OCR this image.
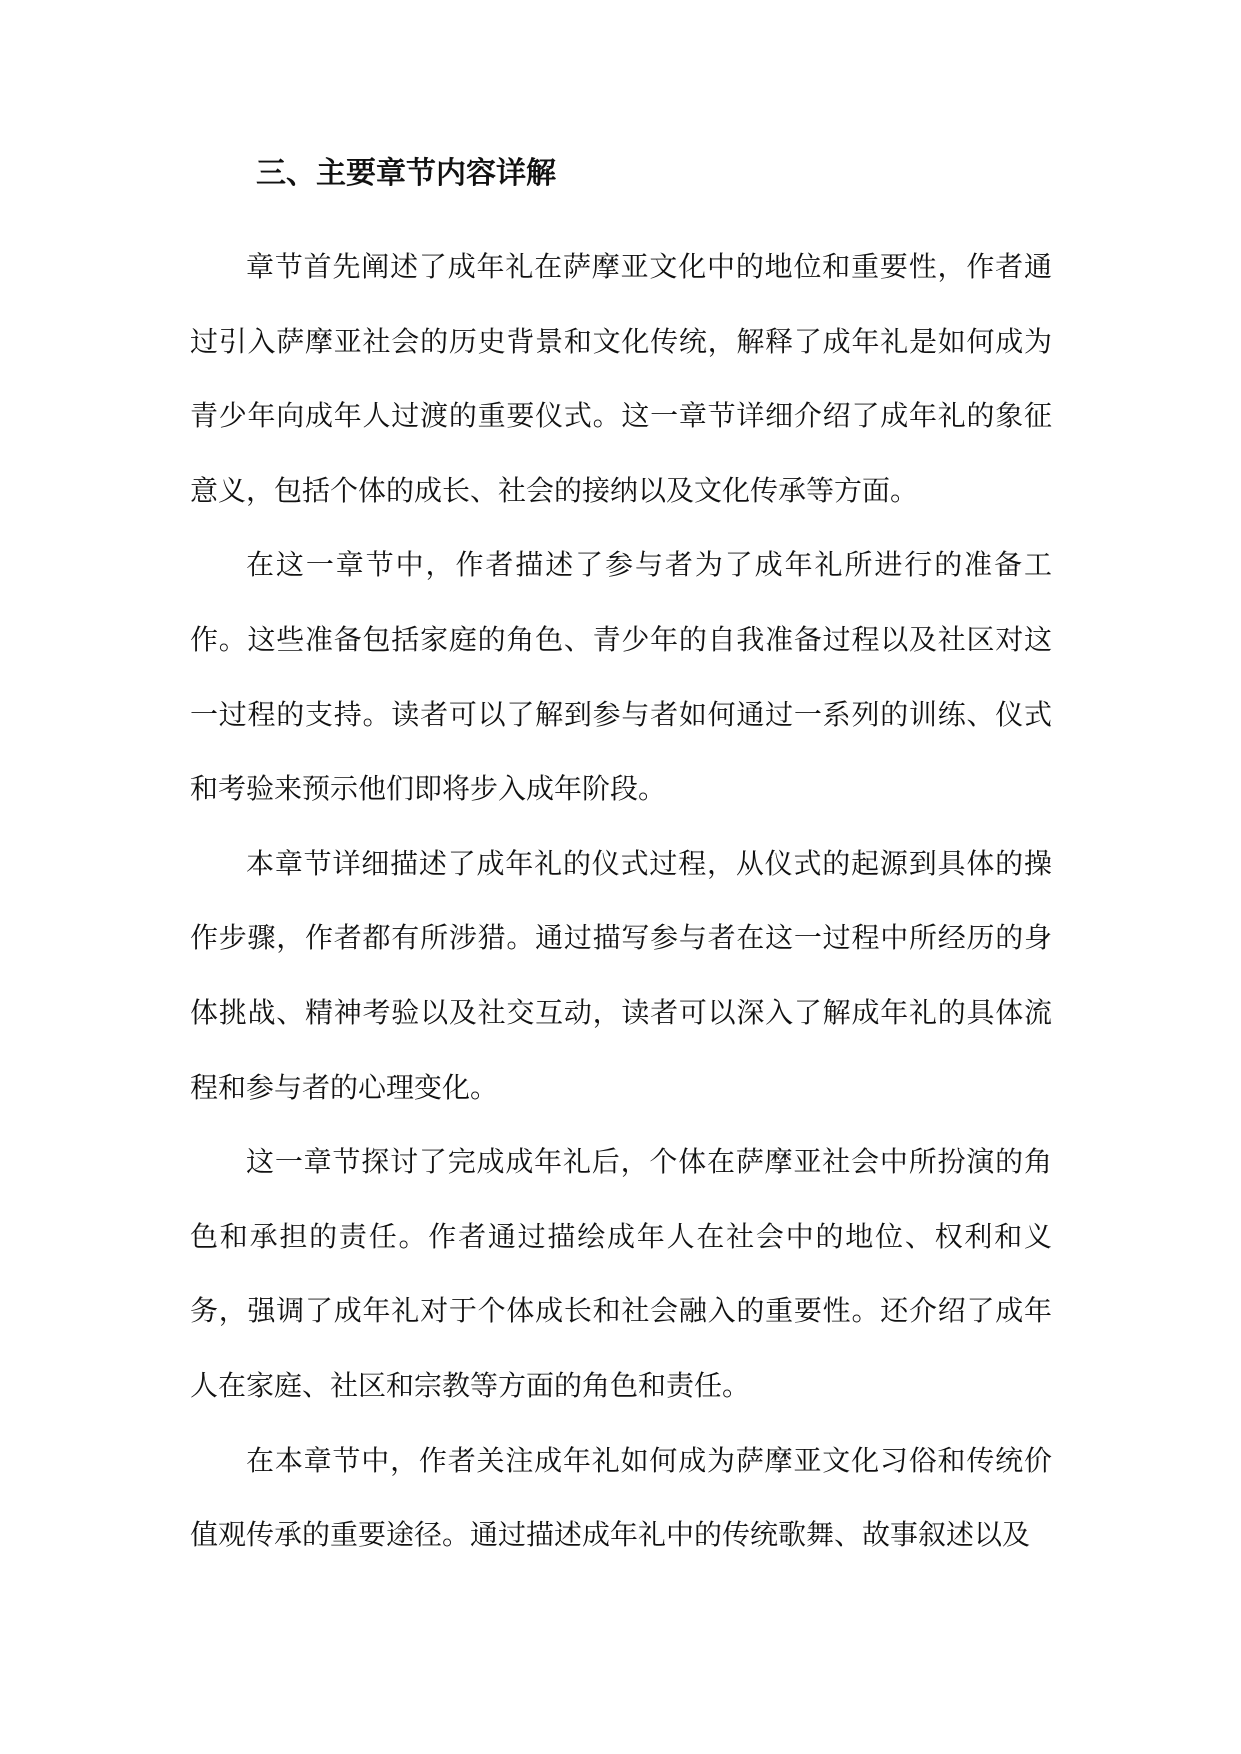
三、主要章节内容详解

章节首先阐述了成年礼在萨摩亚文化中的地位和重要性，作者通过引入萨摩亚社会的历史背景和文化传统，解释了成年礼是如何成为青少年向成年人过渡的重要仪式。这一章节详细介绍了成年礼的象征意义，包括个体的成长、社会的接纳以及文化传承等方面。

在这一章节中，作者描述了参与者为了成年礼所进行的准备工作。这些准备包括家庭的角色、青少年的自我准备过程以及社区对这一过程的支持。读者可以了解到参与者如何通过一系列的训练、仪式和考验来预示他们即将步入成年阶段。

本章节详细描述了成年礼的仪式过程，从仪式的起源到具体的操作步骤，作者都有所涉猎。通过描写参与者在这一过程中所经历的身体挑战、精神考验以及社交互动，读者可以深入了解成年礼的具体流程和参与者的心理变化。

这一章节探讨了完成成年礼后，个体在萨摩亚社会中所扮演的角色和承担的责任。作者通过描绘成年人在社会中的地位、权利和义务，强调了成年礼对于个体成长和社会融入的重要性。还介绍了成年人在家庭、社区和宗教等方面的角色和责任。

在本章节中，作者关注成年礼如何成为萨摩亚文化习俗和传统价值观传承的重要途径。通过描述成年礼中的传统歌舞、故事叙述以及
